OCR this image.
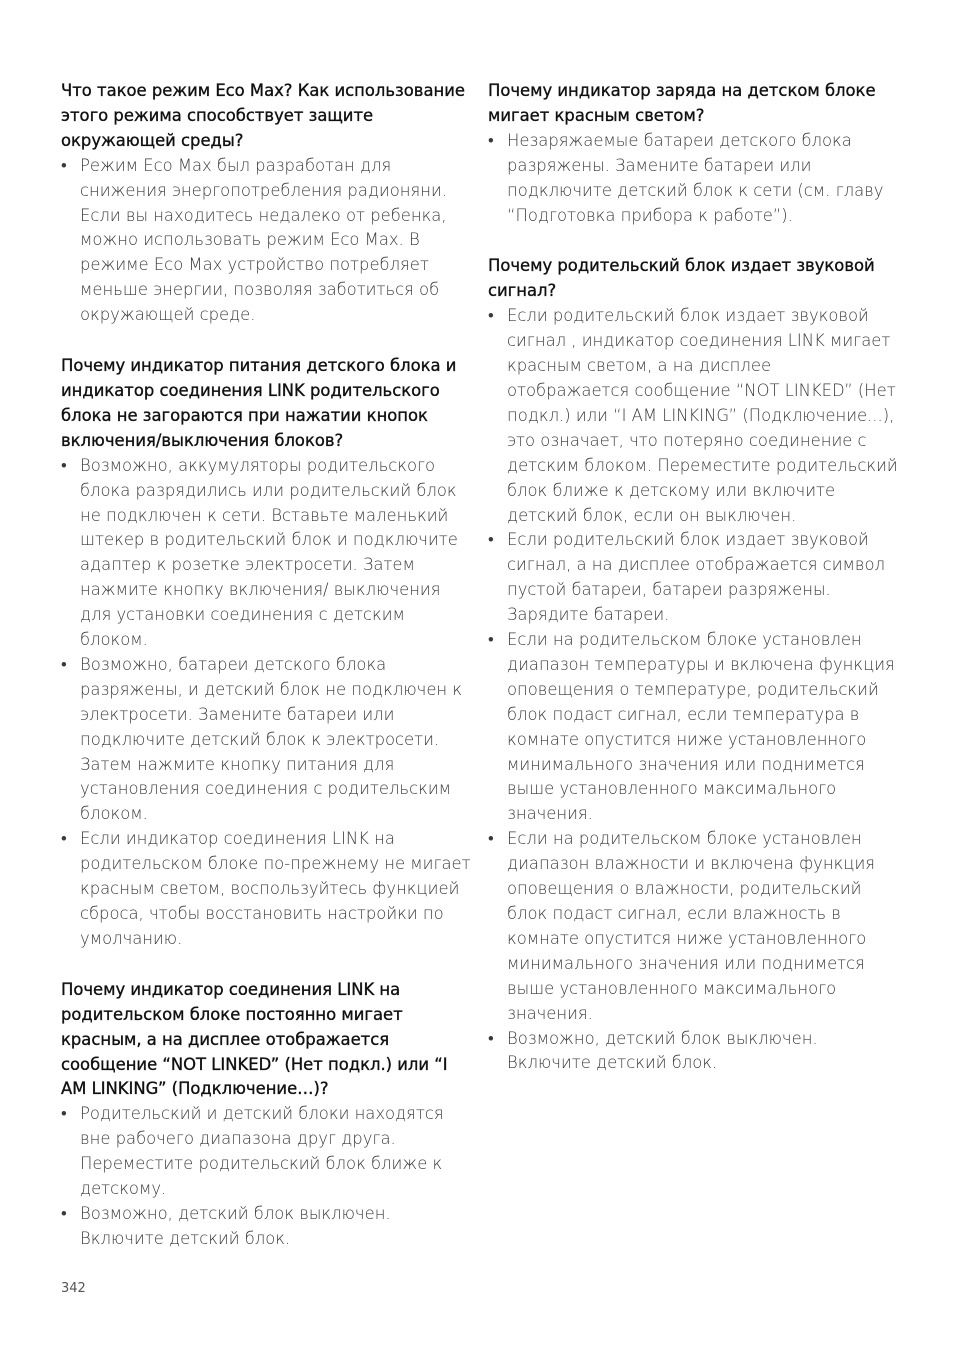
Что такое режим Eco Max? Как использование этого режима способствует защите окружающей среды?
• Режим Eco Max был разработан для снижения энергопотребления радионяни. Если вы находитесь недалеко от ребенка, можно использовать режим Eco Max. В режиме Eco Max устройство потребляет меньше энергии, позволяя заботиться об окружающей среде.
Почему индикатор питания детского блока и индикатор соединения LINK родительского блока не загораются при нажатии кнопок включения/выключения блоков?
• Возможно, аккумуляторы родительского блока разрядились или родительский блок не подключен к сети. Вставьте маленький штекер в родительский блок и подключите адаптер к розетке электросети. Затем нажмите кнопку включения/ выключения для установки соединения с детским блоком.
• Возможно, батареи детского блока разряжены, и детский блок не подключен к электросети. Замените батареи или подключите детский блок к электросети. Затем нажмите кнопку питания для установления соединения с родительским блоком.
• Если индикатор соединения LINK на родительском блоке по-прежнему не мигает красным светом, воспользуйтесь функцией сброса, чтобы восстановить настройки по умолчанию.
Почему индикатор соединения LINK на родительском блоке постоянно мигает красным, а на дисплее отображается сообщение “NOT LINKED” (Нет подкл.) или “I AM LINKING” (Подключение…)?
• Родительский и детский блоки находятся вне рабочего диапазона друг друга. Переместите родительский блок ближе к детскому.
• Возможно, детский блок выключен. Включите детский блок.
Почему индикатор заряда на детском блоке мигает красным светом?
• Незаряжаемые батареи детского блока разряжены. Замените батареи или подключите детский блок к сети (см. главу “Подготовка прибора к работе”).
Почему родительский блок издает звуковой сигнал?
• Если родительский блок издает звуковой сигнал , индикатор соединения LINK мигает красным светом, а на дисплее отображается сообщение “NOT LINKED” (Нет подкл.) или “I AM LINKING” (Подключение...), это означает, что потеряно соединение с детским блоком. Переместите родительский блок ближе к детскому или включите детский блок, если он выключен.
• Если родительский блок издает звуковой сигнал, а на дисплее отображается символ пустой батареи, батареи разряжены. Зарядите батареи.
• Если на родительском блоке установлен диапазон температуры и включена функция оповещения о температуре, родительский блок подаст сигнал, если температура в комнате опустится ниже установленного минимального значения или поднимется выше установленного максимального значения.
• Если на родительском блоке установлен диапазон влажности и включена функция оповещения о влажности, родительский блок подаст сигнал, если влажность в комнате опустится ниже установленного минимального значения или поднимется выше установленного максимального значения.
• Возможно, детский блок выключен. Включите детский блок.
342
